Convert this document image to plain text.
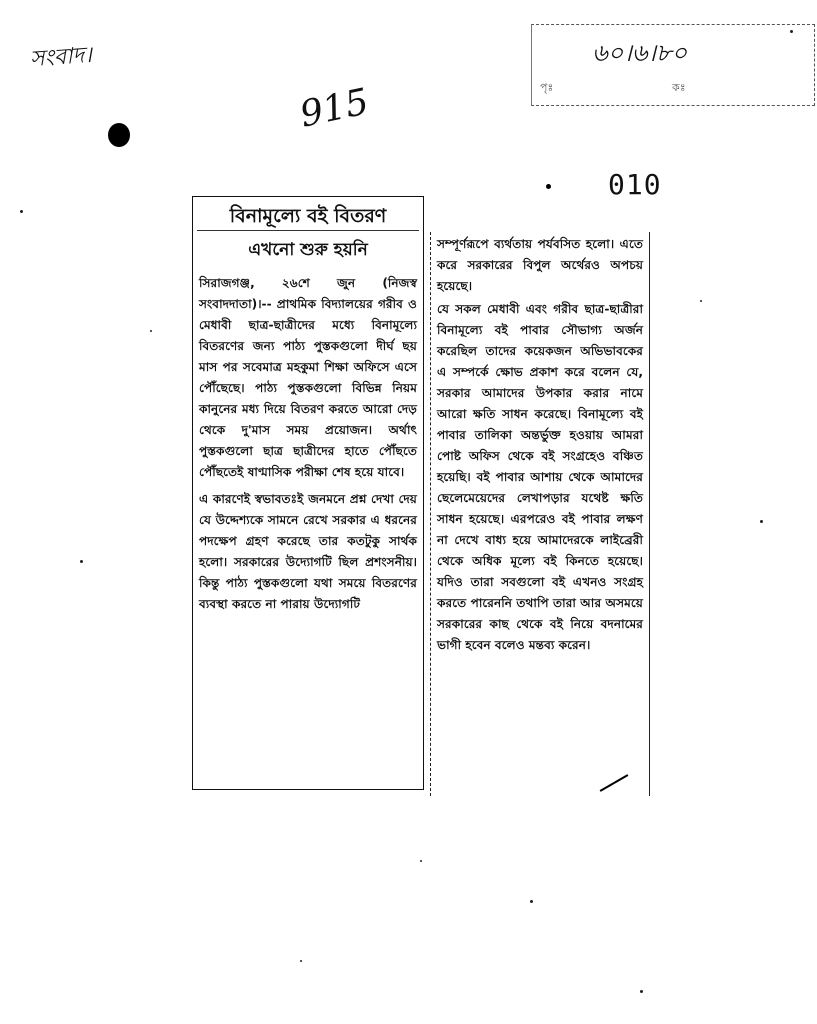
সংবাদ।
915
৬০।৬।৮০
পৃঃ	কঃ
010
বিনামূল্যে বই বিতরণ
এখনো শুরু হয়নি

সিরাজগঞ্জ, ২৬শে জুন (নিজস্ব সংবাদদাতা)।-- প্রাথমিক বিদ্যালয়ের গরীব ও মেধাবী ছাত্র-ছাত্রীদের মধ্যে বিনামূল্যে বিতরণের জন্য পাঠ্য পুস্তকগুলো দীর্ঘ ছয় মাস পর সবেমাত্র মহকুমা শিক্ষা অফিসে এসে পৌঁছেছে। পাঠ্য পুস্তকগুলো বিভিন্ন নিয়ম কানুনের মধ্য দিয়ে বিতরণ করতে আরো দেড় থেকে দু'মাস সময় প্রয়োজন। অর্থাৎ পুস্তকগুলো ছাত্র ছাত্রীদের হাতে পৌঁছতে পৌঁছতেই ষাণ্মাসিক পরীক্ষা শেষ হয়ে যাবে।

এ কারণেই স্বভাবতঃই জনমনে প্রশ্ন দেখা দেয় যে উদ্দেশ্যকে সামনে রেখে সরকার এ ধরনের পদক্ষেপ গ্রহণ করেছে তার কতটুকু সার্থক হলো। সরকারের উদ্যোগটি ছিল প্রশংসনীয়। কিন্তু পাঠ্য পুস্তকগুলো যথা সময়ে বিতরণের ব্যবস্থা করতে না পারায় উদ্যোগটি

সম্পূর্ণরূপে ব্যর্থতায় পর্যবসিত হলো। এতে করে সরকারের বিপুল অর্থেরও অপচয় হয়েছে।

যে সকল মেধাবী এবং গরীব ছাত্র-ছাত্রীরা বিনামূল্যে বই পাবার সৌভাগ্য অর্জন করেছিল তাদের কয়েকজন অভিভাবকের এ সম্পর্কে ক্ষোভ প্রকাশ করে বলেন যে, সরকার আমাদের উপকার করার নামে আরো ক্ষতি সাধন করেছে। বিনামূল্যে বই পাবার তালিকা অন্তর্ভুক্ত হওয়ায় আমরা পোষ্ট অফিস থেকে বই সংগ্রহেও বঞ্চিত হয়েছি। বই পাবার আশায় থেকে আমাদের ছেলেমেয়েদের লেখাপড়ার যথেষ্ট ক্ষতি সাধন হয়েছে। এরপরেও বই পাবার লক্ষণ না দেখে বাধ্য হয়ে আমাদেরকে লাইব্রেরী থেকে অধিক মূল্যে বই কিনতে হয়েছে। যদিও তারা সবগুলো বই এখনও সংগ্রহ করতে পারেননি তথাপি তারা আর অসময়ে সরকারের কাছ থেকে বই নিয়ে বদনামের ভাগী হবেন বলেও মন্তব্য করেন।
